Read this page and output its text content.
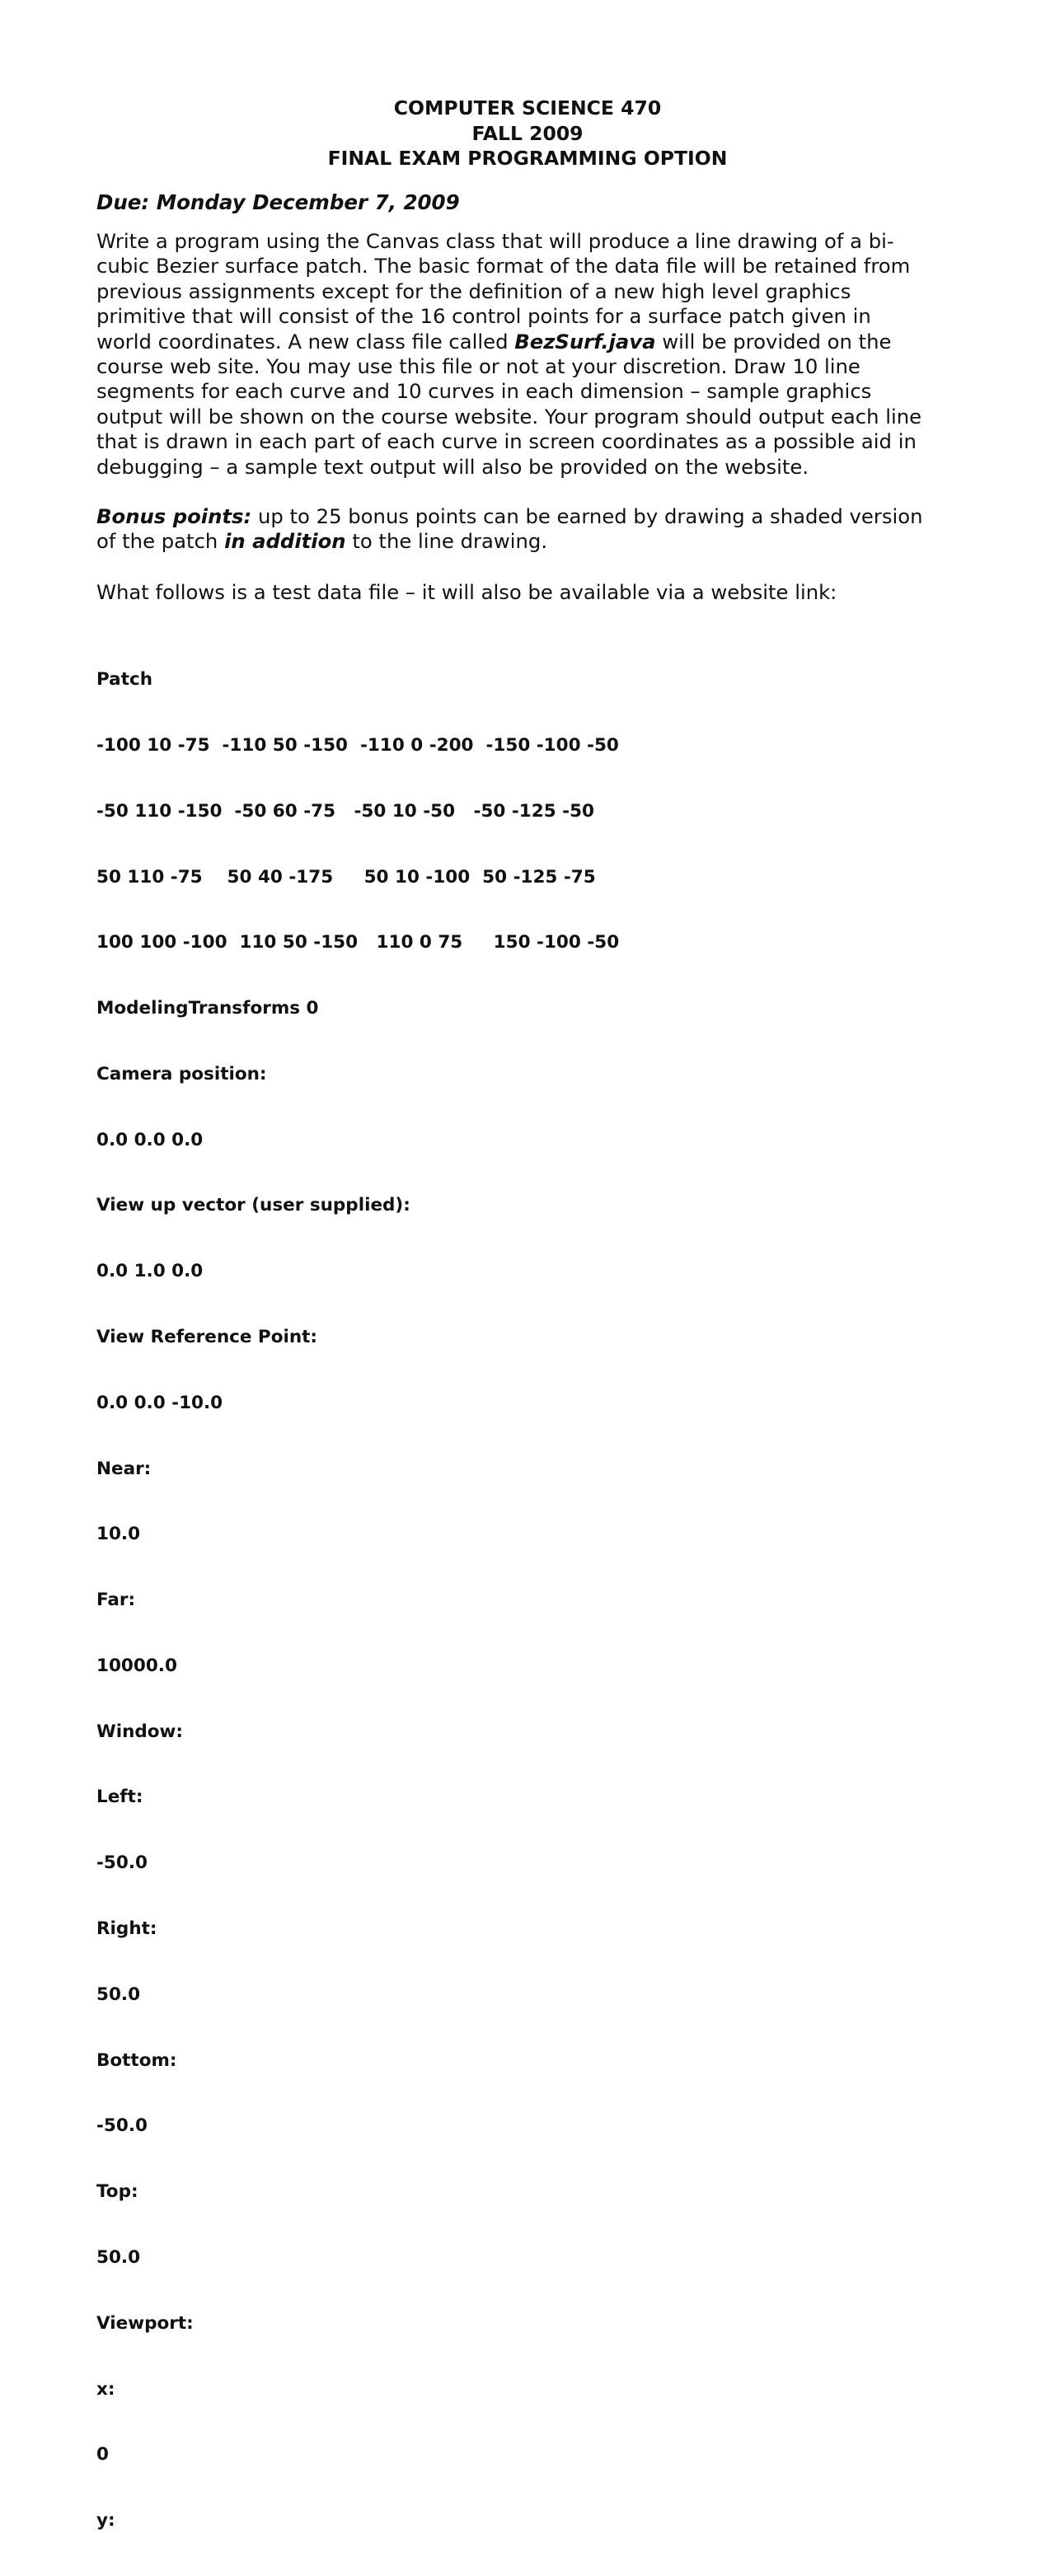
COMPUTER SCIENCE 470
FALL 2009
FINAL EXAM PROGRAMMING OPTION
Due: Monday December 7, 2009
Write a program using the Canvas class that will produce a line drawing of a bi-
cubic Bezier surface patch. The basic format of the data file will be retained from
previous assignments except for the definition of a new high level graphics
primitive that will consist of the 16 control points for a surface patch given in
world coordinates. A new class file called BezSurf.java will be provided on the
course web site. You may use this file or not at your discretion. Draw 10 line
segments for each curve and 10 curves in each dimension – sample graphics
output will be shown on the course website. Your program should output each line
that is drawn in each part of each curve in screen coordinates as a possible aid in
debugging – a sample text output will also be provided on the website.
Bonus points: up to 25 bonus points can be earned by drawing a shaded version
of the patch in addition to the line drawing.
What follows is a test data file – it will also be available via a website link:

Patch

-100 10 -75  -110 50 -150  -110 0 -200  -150 -100 -50

-50 110 -150  -50 60 -75   -50 10 -50   -50 -125 -50

50 110 -75    50 40 -175     50 10 -100  50 -125 -75

100 100 -100  110 50 -150   110 0 75     150 -100 -50

ModelingTransforms 0

Camera position:

0.0 0.0 0.0

View up vector (user supplied):

0.0 1.0 0.0

View Reference Point:

0.0 0.0 -10.0

Near:

10.0

Far:

10000.0

Window:

Left:

-50.0

Right:

50.0

Bottom:

-50.0

Top:

50.0

Viewport:

x:

0

y:
